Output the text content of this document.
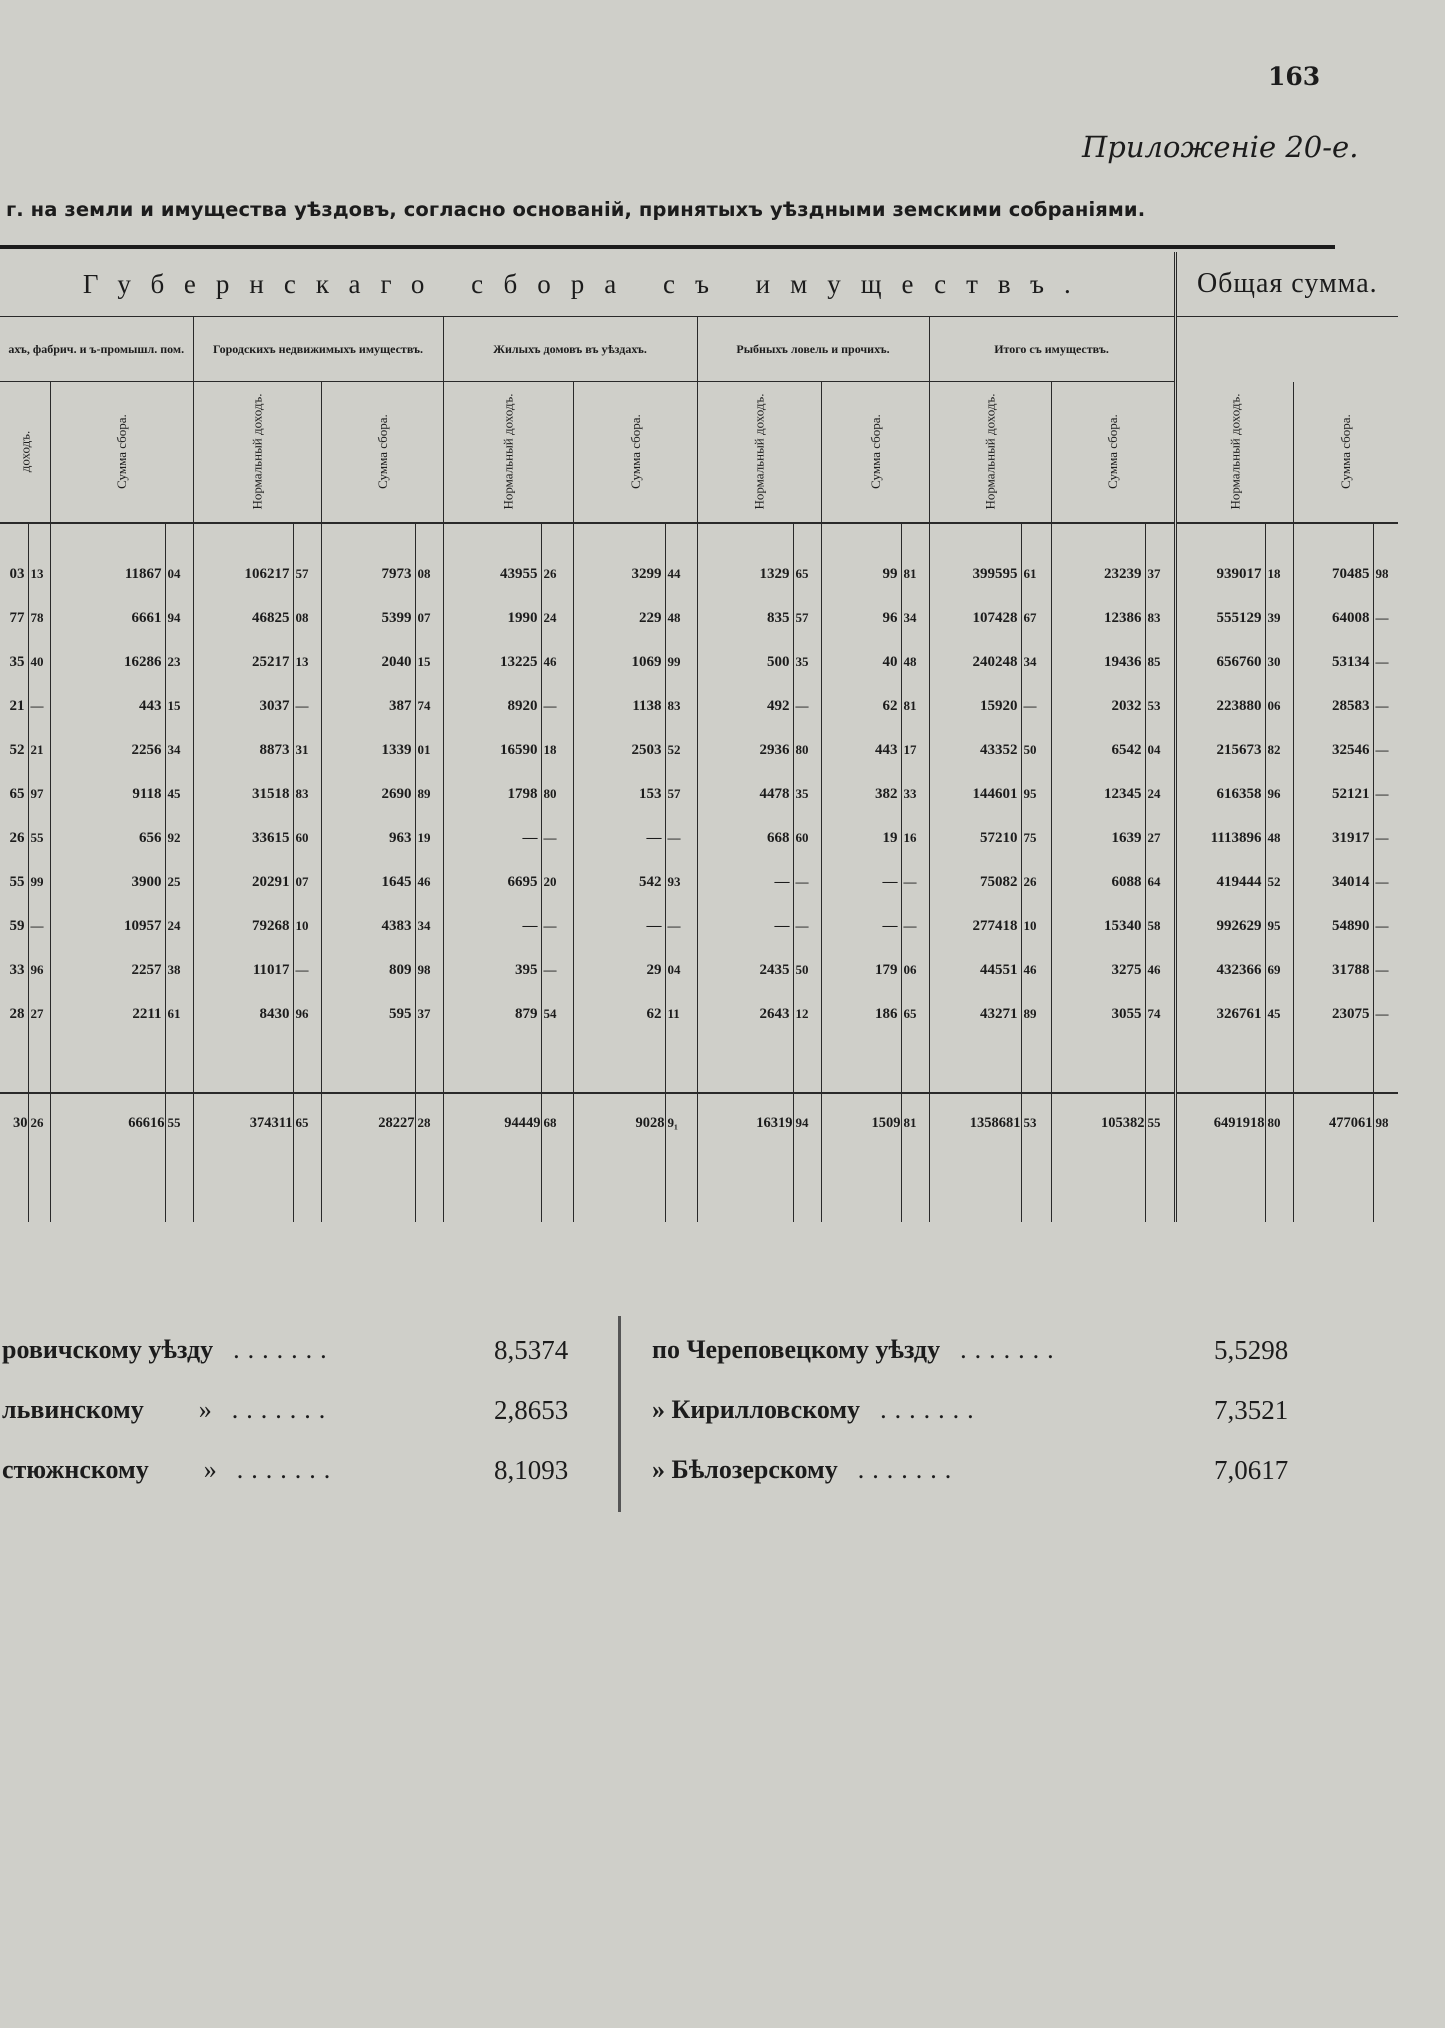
163
Приложеніе 20-е.
г. на земли и имущества уѣздовъ, согласно основаній, принятыхъ уѣздными земскими собраніями.
Губернскаго сбора съ имуществъ.																				Общая сумма.			
ахъ, фабрич. и ъ-промышл. пом.				Городскихъ недвижимыхъ имуществъ.				Жилыхъ домовъ въ уѣздахъ.				Рыбныхъ ловель и прочихъ.				Итого съ имуществъ.							
доходъ.		Сумма сбора.		Нормальный доходъ.		Сумма сбора.		Нормальный доходъ.		Сумма сбора.		Нормальный доходъ.		Сумма сбора.		Нормальный доходъ.		Сумма сбора.		Нормальный доходъ.		Сумма сбора.	

03	13	11867	04	106217	57	7973	08	43955	26	3299	44	1329	65	99	81	399595	61	23239	37	939017	18	70485	98
77	78	6661	94	46825	08	5399	07	1990	24	229	48	835	57	96	34	107428	67	12386	83	555129	39	64008	—
35	40	16286	23	25217	13	2040	15	13225	46	1069	99	500	35	40	48	240248	34	19436	85	656760	30	53134	—
21	—	443	15	3037	—	387	74	8920	—	1138	83	492	—	62	81	15920	—	2032	53	223880	06	28583	—
52	21	2256	34	8873	31	1339	01	16590	18	2503	52	2936	80	443	17	43352	50	6542	04	215673	82	32546	—
65	97	9118	45	31518	83	2690	89	1798	80	153	57	4478	35	382	33	144601	95	12345	24	616358	96	52121	—
26	55	656	92	33615	60	963	19	—	—	—	—	668	60	19	16	57210	75	1639	27	1113896	48	31917	—
55	99	3900	25	20291	07	1645	46	6695	20	542	93	—	—	—	—	75082	26	6088	64	419444	52	34014	—
59	—	10957	24	79268	10	4383	34	—	—	—	—	—	—	—	—	277418	10	15340	58	992629	95	54890	—
33	96	2257	38	11017	—	809	98	395	—	29	04	2435	50	179	06	44551	46	3275	46	432366	69	31788	—
28	27	2211	61	8430	96	595	37	879	54	62	11	2643	12	186	65	43271	89	3055	74	326761	45	23075	—

30	26	66616	55	374311	65	28227	28	94449	68	9028	9₁	16319	94	1509	81	1358681	53	105382	55	6491918	80	477061	98

ровичскому уѣзду .......	8,5374
львинскому » .......	2,8653
стюжнскому » .......	8,1093
по Череповецкому уѣзду .......	5,5298
» Кирилловскому .......	7,3521
» Бѣлозерскому .......	7,0617
